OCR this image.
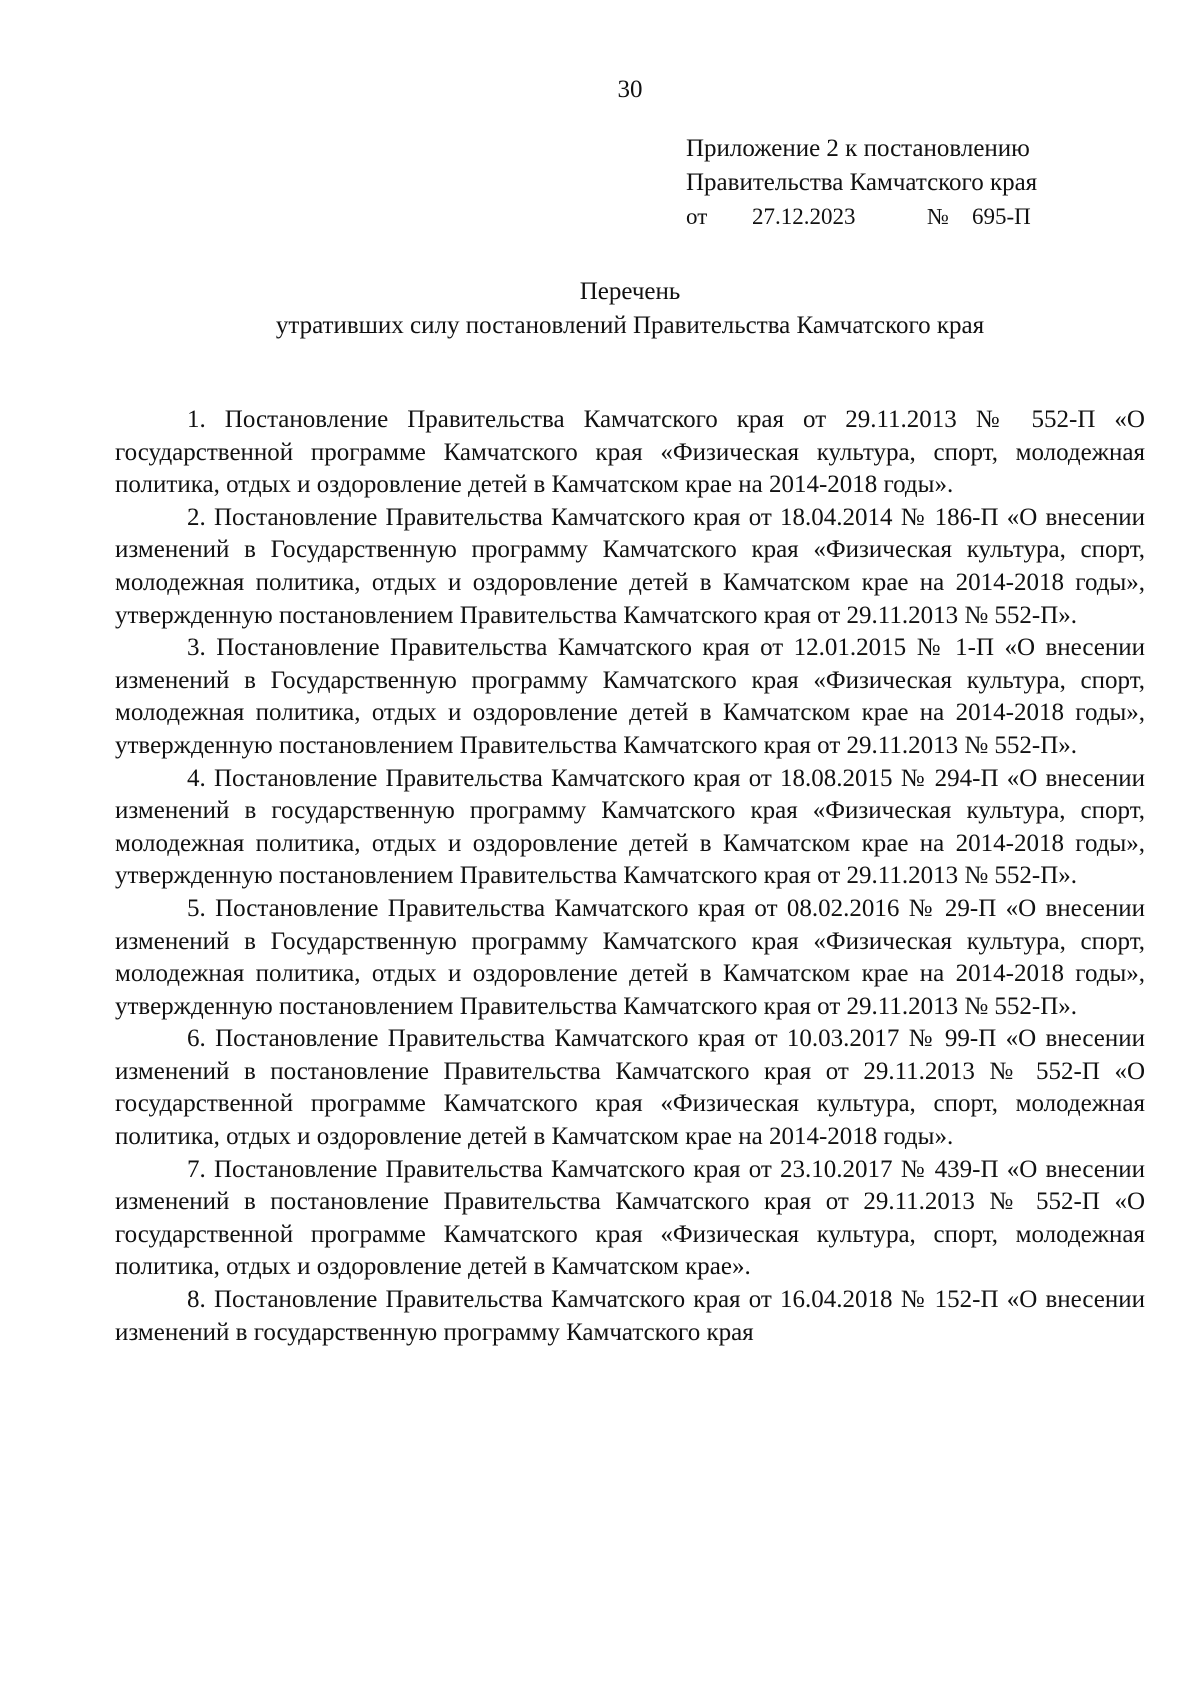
30
Приложение 2 к постановлению
Правительства Камчатского края
от 27.12.2023	№ 695-П
Перечень
утративших силу постановлений Правительства Камчатского края

1. Постановление Правительства Камчатского края от 29.11.2013 № 552-П «О государственной программе Камчатского края «Физическая культура, спорт, молодежная политика, отдых и оздоровление детей в Камчатском крае на 2014-2018 годы».

2. Постановление Правительства Камчатского края от 18.04.2014 № 186-П «О внесении изменений в Государственную программу Камчатского края «Физическая культура, спорт, молодежная политика, отдых и оздоровление детей в Камчатском крае на 2014-2018 годы», утвержденную постановлением Правительства Камчатского края от 29.11.2013 № 552-П».

3. Постановление Правительства Камчатского края от 12.01.2015 № 1-П «О внесении изменений в Государственную программу Камчатского края «Физическая культура, спорт, молодежная политика, отдых и оздоровление детей в Камчатском крае на 2014-2018 годы», утвержденную постановлением Правительства Камчатского края от 29.11.2013 № 552-П».

4. Постановление Правительства Камчатского края от 18.08.2015 № 294-П «О внесении изменений в государственную программу Камчатского края «Физическая культура, спорт, молодежная политика, отдых и оздоровление детей в Камчатском крае на 2014-2018 годы», утвержденную постановлением Правительства Камчатского края от 29.11.2013 № 552-П».

5. Постановление Правительства Камчатского края от 08.02.2016 № 29-П «О внесении изменений в Государственную программу Камчатского края «Физическая культура, спорт, молодежная политика, отдых и оздоровление детей в Камчатском крае на 2014-2018 годы», утвержденную постановлением Правительства Камчатского края от 29.11.2013 № 552-П».

6. Постановление Правительства Камчатского края от 10.03.2017 № 99-П «О внесении изменений в постановление Правительства Камчатского края от 29.11.2013 № 552-П «О государственной программе Камчатского края «Физическая культура, спорт, молодежная политика, отдых и оздоровление детей в Камчатском крае на 2014-2018 годы».

7. Постановление Правительства Камчатского края от 23.10.2017 № 439-П «О внесении изменений в постановление Правительства Камчатского края от 29.11.2013 № 552-П «О государственной программе Камчатского края «Физическая культура, спорт, молодежная политика, отдых и оздоровление детей в Камчатском крае».

8. Постановление Правительства Камчатского края от 16.04.2018 № 152-П «О внесении изменений в государственную программу Камчатского края
